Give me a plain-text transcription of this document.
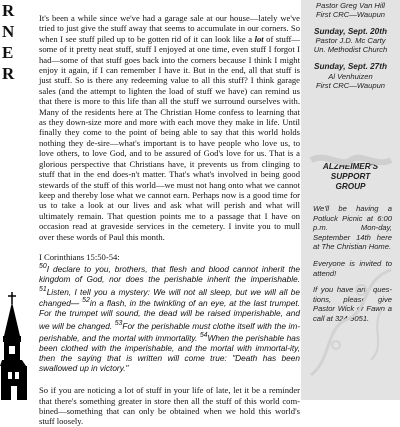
R
N
E
R

It's been a while since we've had a garage sale at our house—lately we've tried to just give the stuff away that seems to accumulate in our corners. So when I see stuff piled up to be gotten rid of it can look like a lot of stuff—some of it pretty neat stuff, stuff I enjoyed at one time, even stuff I forgot I had—some of that stuff goes back into the corners because I think I might enjoy it again, if I can remember I have it. But in the end, all that stuff is just stuff. So is there any redeeming value to all this stuff? I think garage sales (and the attempt to lighten the load of stuff we have) can remind us that there is more to this life than all the stuff we surround ourselves with. Many of the residents here at The Christian Home confess to learning that as they down-size more and more with each move they make in life. Until finally they come to the point of being able to say that this world holds nothing they de-sire—what's important is to have people who love us, to love others, to love God, and to be assured of God's love for us. That is a glorious perspective that Christians have, it prevents us from clinging to stuff that in the end does-n't matter. That's what's involved in being good stewards of the stuff of this world—we must not hang onto what we cannot keep and thereby lose what we cannot earn. Perhaps now is a good time for us to take a look at our lives and ask what will perish and what will ultimately remain. That question points me to a passage that I have on occasion read at graveside services in the cemetery. I invite you to mull over these words of Paul this month.

I Corinthians 15:50-54:

$^{50}$I declare to you, brothers, that flesh and blood cannot inherit the kingdom of God, nor does the perishable inherit the imperishable. $^{51}$Listen, I tell you a mystery: We will not all sleep, but we will all be changed— $^{52}$in a flash, in the twinkling of an eye, at the last trumpet. For the trumpet will sound, the dead will be raised imperishable, and we will be changed. $^{53}$For the perishable must clothe itself with the im-perishable, and the mortal with immortality. $^{54}$When the perishable has been clothed with the imperishable, and the mortal with immortal-ity, then the saying that is written will come true: "Death has been swallowed up in victory."

So if you are noticing a lot of stuff in your life of late, let it be a reminder that there's something greater in store then all the stuff of this world com-bined—something that can only be obtained when we hold this world's stuff loosely.

Pastor Greg Van Hill
First CRC—Waupun
Sunday, Sept. 20th
Pastor J.D. Mc Carty
Un. Methodist Church
Sunday, Sept. 27th
Al Venhuizen
First CRC—Waupun
ALZHEIMER'S
SUPPORT
GROUP

We'll be having a Potluck Picnic at 6:00 p.m. Mon-day, September 14th here at The Christian Home.

Everyone is invited to attend!

If you have any ques-tions, please give Pastor Wick or Fawn a call at 324-9051.
